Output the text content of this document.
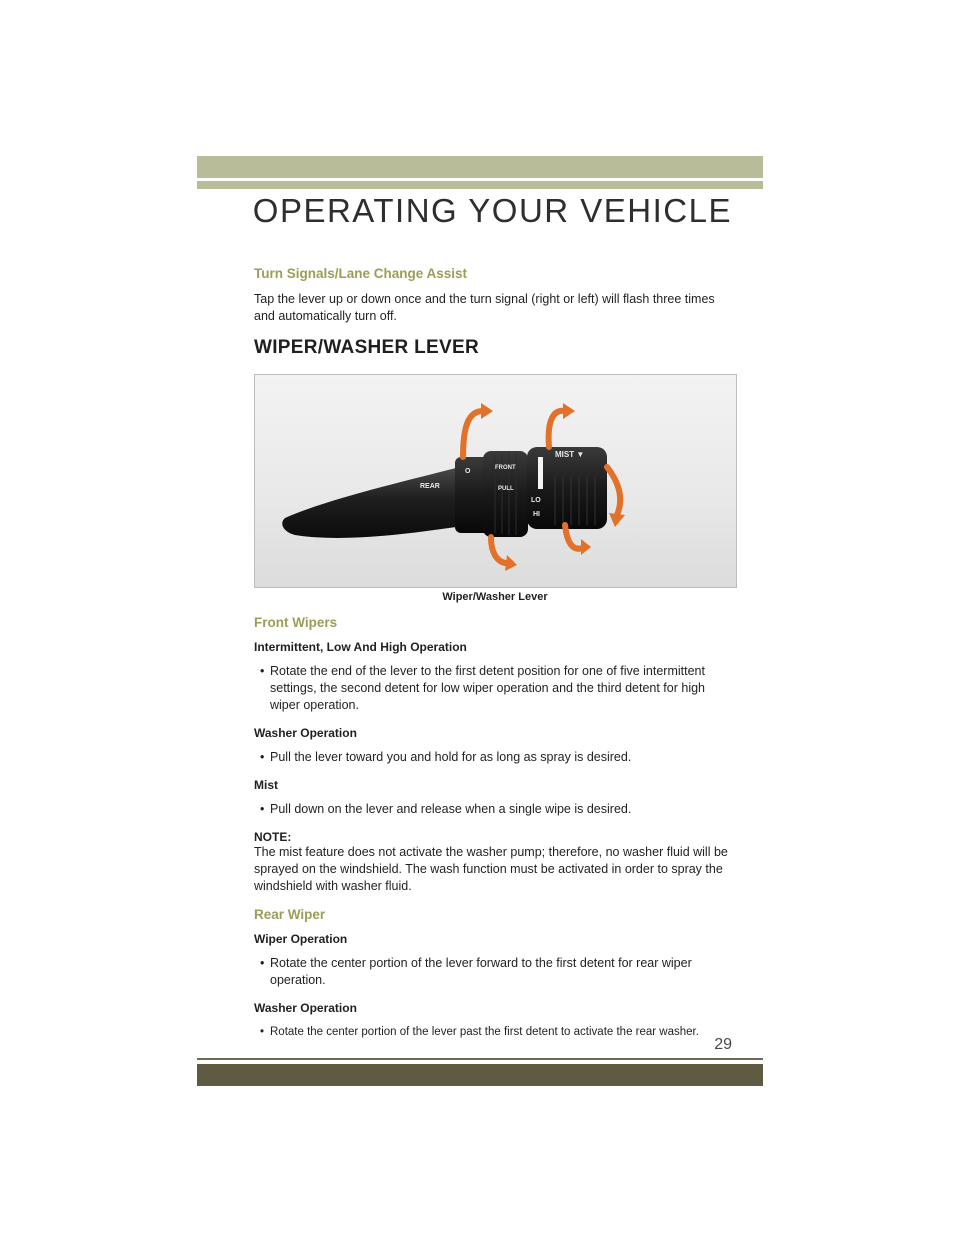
OPERATING YOUR VEHICLE
Turn Signals/Lane Change Assist

Tap the lever up or down once and the turn signal (right or left) will flash three times and automatically turn off.

WIPER/WASHER LEVER
REAR
FRONT
PULL
LO
HI
MIST ▼
O
Wiper/Washer Lever
Front Wipers
Intermittent, Low And High Operation
• Rotate the end of the lever to the first detent position for one of five intermittent settings, the second detent for low wiper operation and the third detent for high wiper operation.
Washer Operation
• Pull the lever toward you and hold for as long as spray is desired.
Mist
• Pull down on the lever and release when a single wipe is desired.
NOTE:

The mist feature does not activate the washer pump; therefore, no washer fluid will be sprayed on the windshield. The wash function must be activated in order to spray the windshield with washer fluid.

Rear Wiper
Wiper Operation
• Rotate the center portion of the lever forward to the first detent for rear wiper operation.
Washer Operation
• Rotate the center portion of the lever past the first detent to activate the rear washer.
29
